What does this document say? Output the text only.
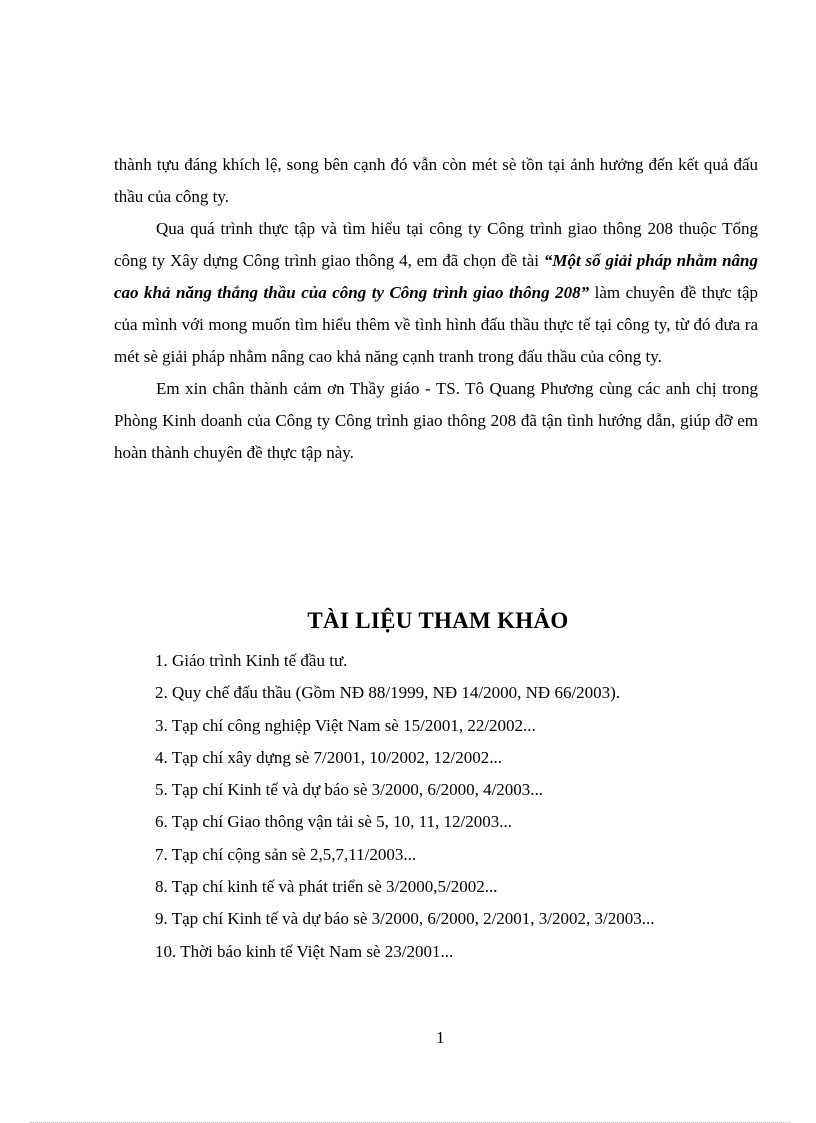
thành tựu đáng khích lệ, song bên cạnh đó vẫn còn mét sè tồn tại ảnh hưởng đến kết quả đấu thầu của công ty.

Qua quá trình thực tập và tìm hiểu tại công ty Công trình giao thông 208 thuộc Tổng công ty Xây dựng Công trình giao thông 4, em đã chọn đề tài “Một số giải pháp nhằm nâng cao khả năng thắng thầu của công ty Công trình giao thông 208” làm chuyên đề thực tập của mình với mong muốn tìm hiểu thêm về tình hình đấu thầu thực tế tại công ty, từ đó đưa ra mét sè giải pháp nhằm nâng cao khả năng cạnh tranh trong đấu thầu của công ty.

Em xin chân thành cảm ơn Thầy giáo - TS. Tô Quang Phương cùng các anh chị trong Phòng Kinh doanh của Công ty Công trình giao thông 208 đã tận tình hướng dẫn, giúp đỡ em hoàn thành chuyên đề thực tập này.

TÀI LIỆU THAM KHẢO
1. Giáo trình Kinh tế đầu tư.
2. Quy chế đấu thầu (Gồm NĐ 88/1999, NĐ 14/2000, NĐ 66/2003).
3. Tạp chí công nghiệp Việt Nam sè 15/2001, 22/2002...
4. Tạp chí xây dựng sè 7/2001, 10/2002, 12/2002...
5. Tạp chí Kinh tế và dự báo sè 3/2000, 6/2000, 4/2003...
6. Tạp chí Giao thông vận tải sè 5, 10, 11, 12/2003...
7. Tạp chí cộng sản sè 2,5,7,11/2003...
8. Tạp chí kinh tế và phát triển sè 3/2000,5/2002...
9. Tạp chí Kinh tế và dự báo sè 3/2000, 6/2000, 2/2001, 3/2002, 3/2003...
10. Thời báo kinh tế Việt Nam sè 23/2001...
1
